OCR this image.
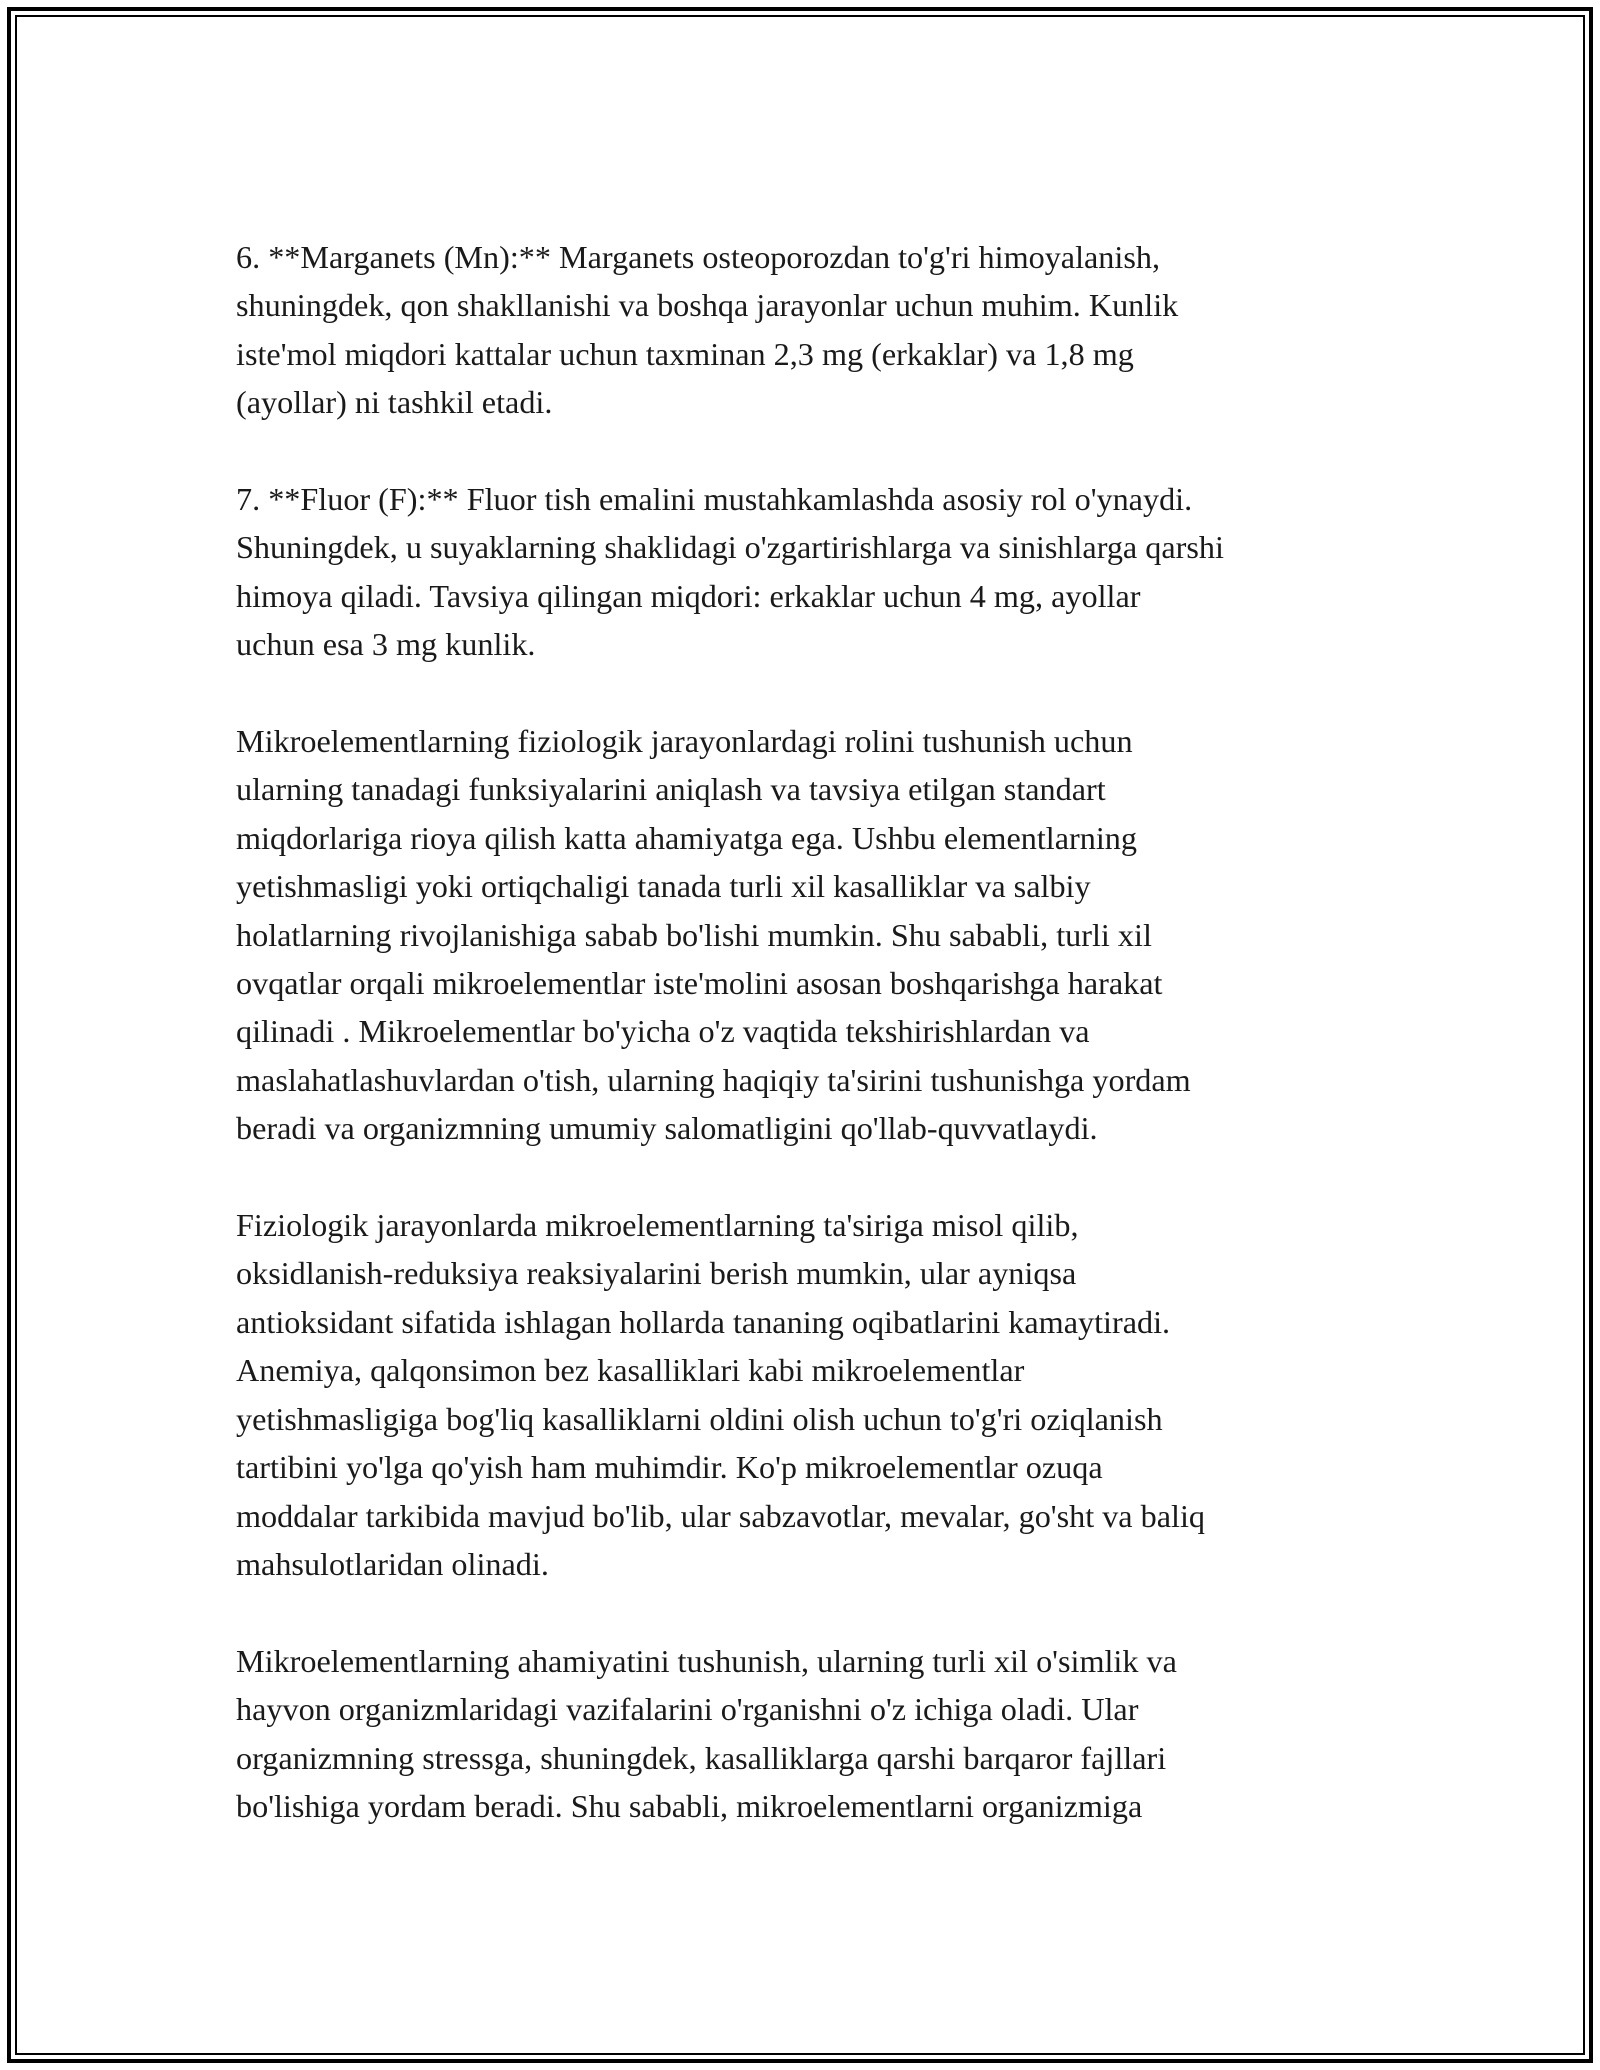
6. **Marganets (Mn):** Marganets osteoporozdan to'g'ri himoyalanish,
shuningdek, qon shakllanishi va boshqa jarayonlar uchun muhim. Kunlik
iste'mol miqdori kattalar uchun taxminan 2,3 mg (erkaklar) va 1,8 mg
(ayollar) ni tashkil etadi.

7. **Fluor (F):** Fluor tish emalini mustahkamlashda asosiy rol o'ynaydi.
Shuningdek, u suyaklarning shaklidagi o'zgartirishlarga va sinishlarga qarshi
himoya qiladi. Tavsiya qilingan miqdori: erkaklar uchun 4 mg, ayollar
uchun esa 3 mg kunlik.

Mikroelementlarning fiziologik jarayonlardagi rolini tushunish uchun
ularning tanadagi funksiyalarini aniqlash va tavsiya etilgan standart
miqdorlariga rioya qilish katta ahamiyatga ega. Ushbu elementlarning
yetishmasligi yoki ortiqchaligi tanada turli xil kasalliklar va salbiy
holatlarning rivojlanishiga sabab bo'lishi mumkin. Shu sababli, turli xil
ovqatlar orqali mikroelementlar iste'molini asosan boshqarishga harakat
qilinadi . Mikroelementlar bo'yicha o'z vaqtida tekshirishlardan va
maslahatlashuvlardan o'tish, ularning haqiqiy ta'sirini tushunishga yordam
beradi va organizmning umumiy salomatligini qo'llab-quvvatlaydi.

Fiziologik jarayonlarda mikroelementlarning ta'siriga misol qilib,
oksidlanish-reduksiya reaksiyalarini berish mumkin, ular ayniqsa
antioksidant sifatida ishlagan hollarda tananing oqibatlarini kamaytiradi.
Anemiya, qalqonsimon bez kasalliklari kabi mikroelementlar
yetishmasligiga bog'liq kasalliklarni oldini olish uchun to'g'ri oziqlanish
tartibini yo'lga qo'yish ham muhimdir. Ko'p mikroelementlar ozuqa
moddalar tarkibida mavjud bo'lib, ular sabzavotlar, mevalar, go'sht va baliq
mahsulotlaridan olinadi.

Mikroelementlarning ahamiyatini tushunish, ularning turli xil o'simlik va
hayvon organizmlaridagi vazifalarini o'rganishni o'z ichiga oladi. Ular
organizmning stressga, shuningdek, kasalliklarga qarshi barqaror fajllari
bo'lishiga yordam beradi. Shu sababli, mikroelementlarni organizmiga
